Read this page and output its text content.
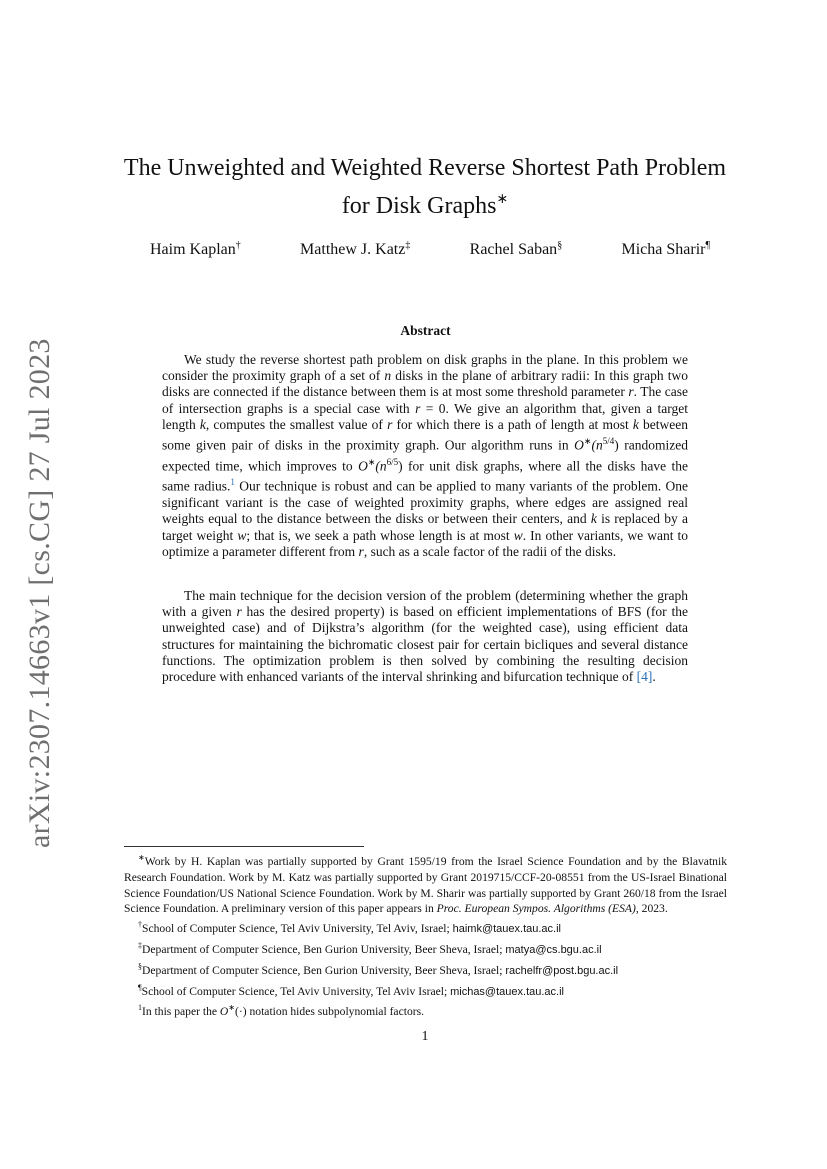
arXiv:2307.14663v1 [cs.CG] 27 Jul 2023
The Unweighted and Weighted Reverse Shortest Path Problem
for Disk Graphs∗
Haim Kaplan†	Matthew J. Katz‡	Rachel Saban§	Micha Sharir¶
Abstract
We study the reverse shortest path problem on disk graphs in the plane. In this problem we consider the proximity graph of a set of n disks in the plane of arbitrary radii: In this graph two disks are connected if the distance between them is at most some threshold parameter r. The case of intersection graphs is a special case with r = 0. We give an algorithm that, given a target length k, computes the smallest value of r for which there is a path of length at most k between some given pair of disks in the proximity graph. Our algorithm runs in $O^∗(n^{5/4})$ randomized expected time, which improves to $O^∗(n^{6/5})$ for unit disk graphs, where all the disks have the same radius.$^1$ Our technique is robust and can be applied to many variants of the problem. One significant variant is the case of weighted proximity graphs, where edges are assigned real weights equal to the distance between the disks or between their centers, and k is replaced by a target weight w; that is, we seek a path whose length is at most w. In other variants, we want to optimize a parameter different from r, such as a scale factor of the radii of the disks.
The main technique for the decision version of the problem (determining whether the graph with a given r has the desired property) is based on efficient implementations of BFS (for the unweighted case) and of Dijkstra’s algorithm (for the weighted case), using efficient data structures for maintaining the bichromatic closest pair for certain bicliques and several distance functions. The optimization problem is then solved by combining the resulting decision procedure with enhanced variants of the interval shrinking and bifurcation technique of [4].

∗Work by H. Kaplan was partially supported by Grant 1595/19 from the Israel Science Foundation and by the Blavatnik Research Foundation. Work by M. Katz was partially supported by Grant 2019715/CCF-20-08551 from the US-Israel Binational Science Foundation/US National Science Foundation. Work by M. Sharir was partially supported by Grant 260/18 from the Israel Science Foundation. A preliminary version of this paper appears in Proc. European Sympos. Algorithms (ESA), 2023.

†School of Computer Science, Tel Aviv University, Tel Aviv, Israel; haimk@tauex.tau.ac.il

‡Department of Computer Science, Ben Gurion University, Beer Sheva, Israel; matya@cs.bgu.ac.il

§Department of Computer Science, Ben Gurion University, Beer Sheva, Israel; rachelfr@post.bgu.ac.il

¶School of Computer Science, Tel Aviv University, Tel Aviv Israel; michas@tauex.tau.ac.il

$^1$In this paper the O∗(·) notation hides subpolynomial factors.

1
